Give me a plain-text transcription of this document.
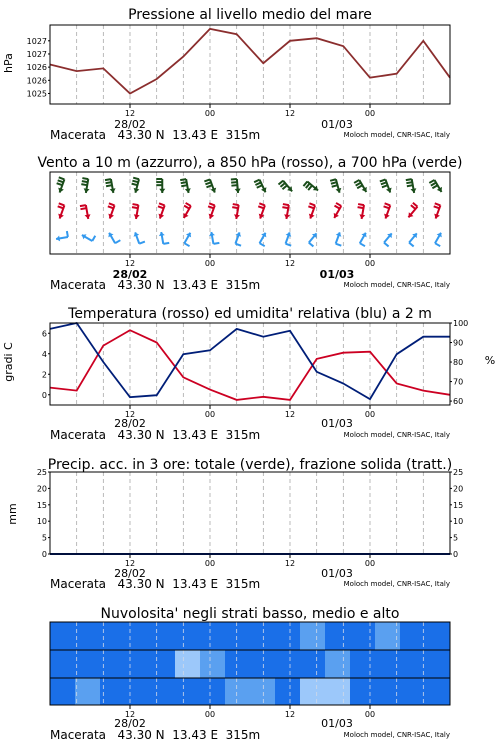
Pressione al livello medio del mare
hPa
1025
1026
1026
1027
1027
12	00	12	00
28/02	01/03
Macerata 43.30 N  13.43 E  315m	Moloch model, CNR-ISAC, Italy
Vento a 10 m (azzurro), a 850 hPa (rosso), a 700 hPa (verde)
12	00	12	00
28/02	01/03
Macerata 43.30 N  13.43 E  315m	Moloch model, CNR-ISAC, Italy
Temperatura (rosso) ed umidita' relativa (blu) a 2 m
gradi C	%
0
2
4
6
60
70
80
90
100
12	00	12	00
28/02	01/03
Macerata 43.30 N  13.43 E  315m	Moloch model, CNR-ISAC, Italy
Precip. acc. in 3 ore: totale (verde), frazione solida (tratt.)
mm
0
5
10
15
20
25
0
5
10
15
20
25
12	00	12	00
28/02	01/03
Macerata 43.30 N  13.43 E  315m	Moloch model, CNR-ISAC, Italy
Nuvolosita' negli strati basso, medio e alto
12	00	12	00
28/02	01/03
Macerata 43.30 N  13.43 E  315m	Moloch model, CNR-ISAC, Italy
